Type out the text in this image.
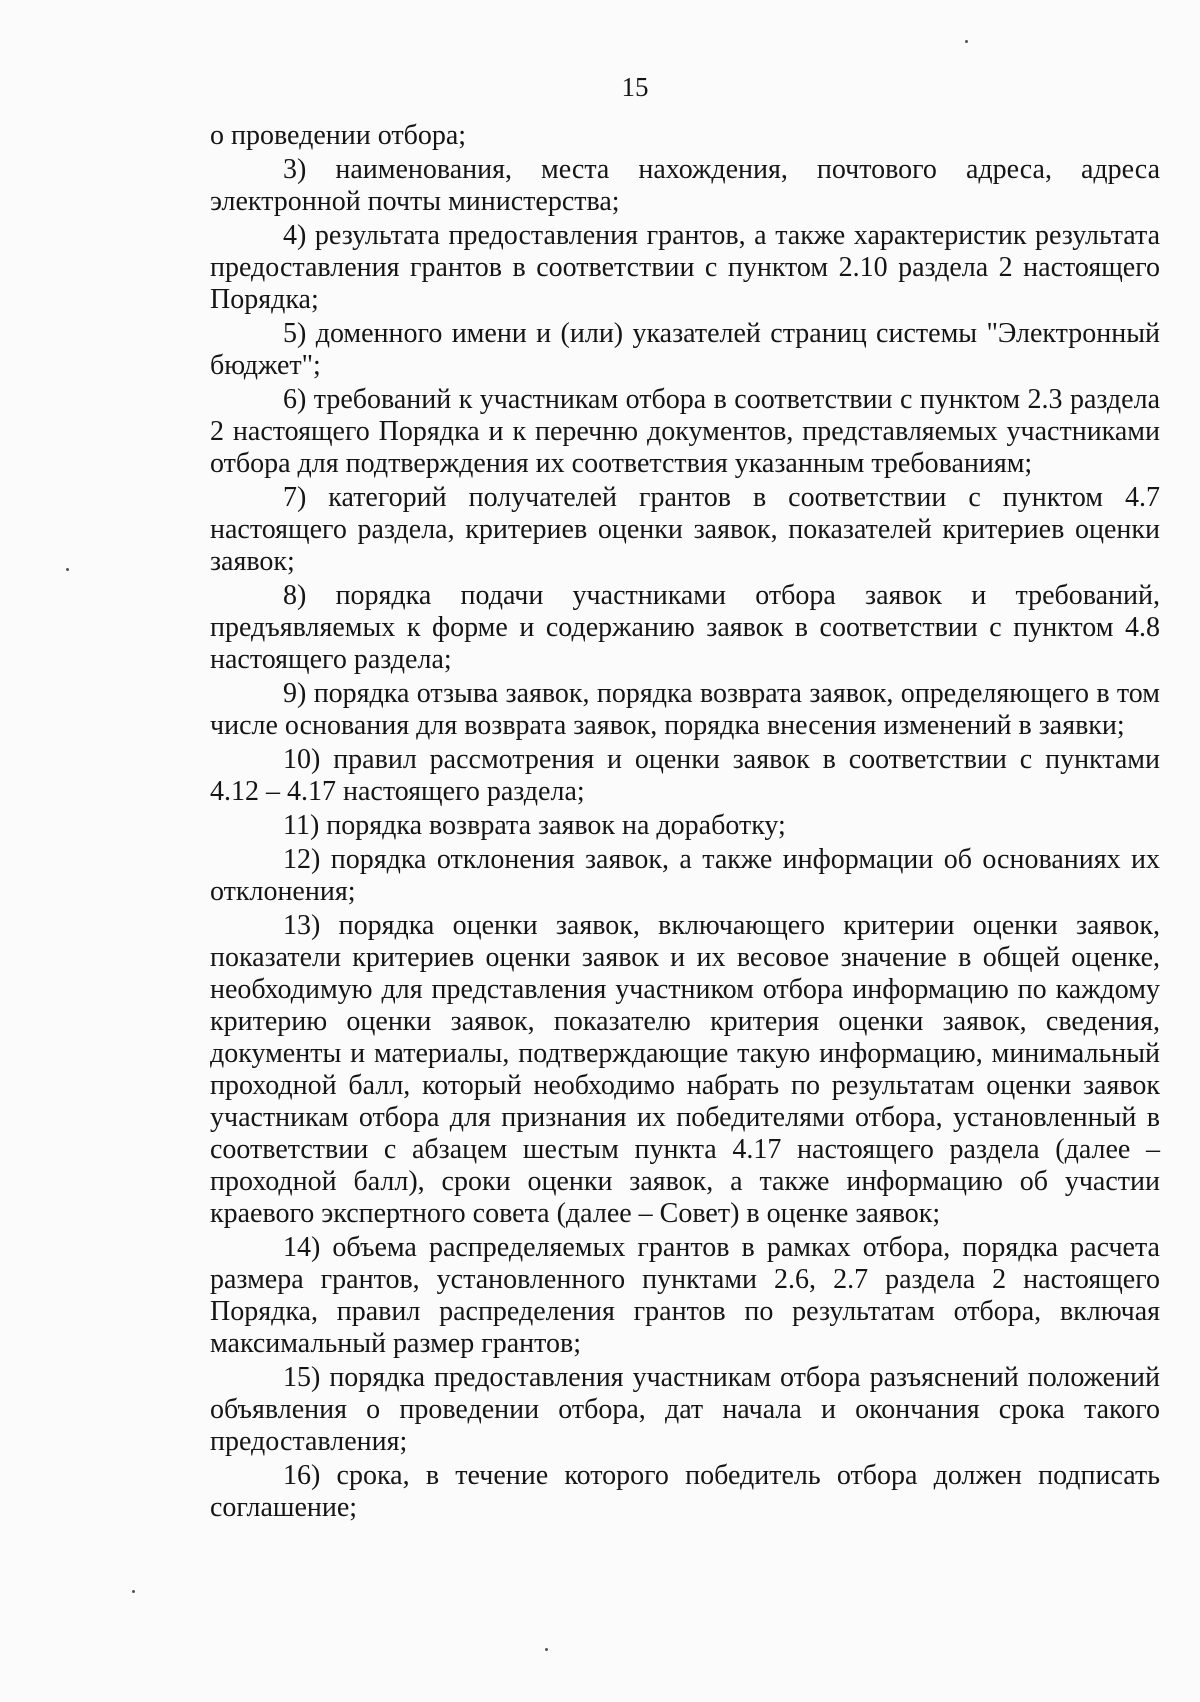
15

о проведении отбора;

3) наименования, места нахождения, почтового адреса, адреса электронной почты министерства;

4) результата предоставления грантов, а также характеристик результата предоставления грантов в соответствии с пунктом 2.10 раздела 2 настоящего Порядка;

5) доменного имени и (или) указателей страниц системы "Электронный бюджет";

6) требований к участникам отбора в соответствии с пунктом 2.3 раздела 2 настоящего Порядка и к перечню документов, представляемых участниками отбора для подтверждения их соответствия указанным требованиям;

7) категорий получателей грантов в соответствии с пунктом 4.7 настоящего раздела, критериев оценки заявок, показателей критериев оценки заявок;

8) порядка подачи участниками отбора заявок и требований, предъявляемых к форме и содержанию заявок в соответствии с пунктом 4.8 настоящего раздела;

9) порядка отзыва заявок, порядка возврата заявок, определяющего в том числе основания для возврата заявок, порядка внесения изменений в заявки;

10) правил рассмотрения и оценки заявок в соответствии с пунктами 4.12 – 4.17 настоящего раздела;

11) порядка возврата заявок на доработку;

12) порядка отклонения заявок, а также информации об основаниях их отклонения;

13) порядка оценки заявок, включающего критерии оценки заявок, показатели критериев оценки заявок и их весовое значение в общей оценке, необходимую для представления участником отбора информацию по каждому критерию оценки заявок, показателю критерия оценки заявок, сведения, документы и материалы, подтверждающие такую информацию, минимальный проходной балл, который необходимо набрать по результатам оценки заявок участникам отбора для признания их победителями отбора, установленный в соответствии с абзацем шестым пункта 4.17 настоящего раздела (далее – проходной балл), сроки оценки заявок, а также информацию об участии краевого экспертного совета (далее – Совет) в оценке заявок;

14) объема распределяемых грантов в рамках отбора, порядка расчета размера грантов, установленного пунктами 2.6, 2.7 раздела 2 настоящего Порядка, правил распределения грантов по результатам отбора, включая максимальный размер грантов;

15) порядка предоставления участникам отбора разъяснений положений объявления о проведении отбора, дат начала и окончания срока такого предоставления;

16) срока, в течение которого победитель отбора должен подписать соглашение;
